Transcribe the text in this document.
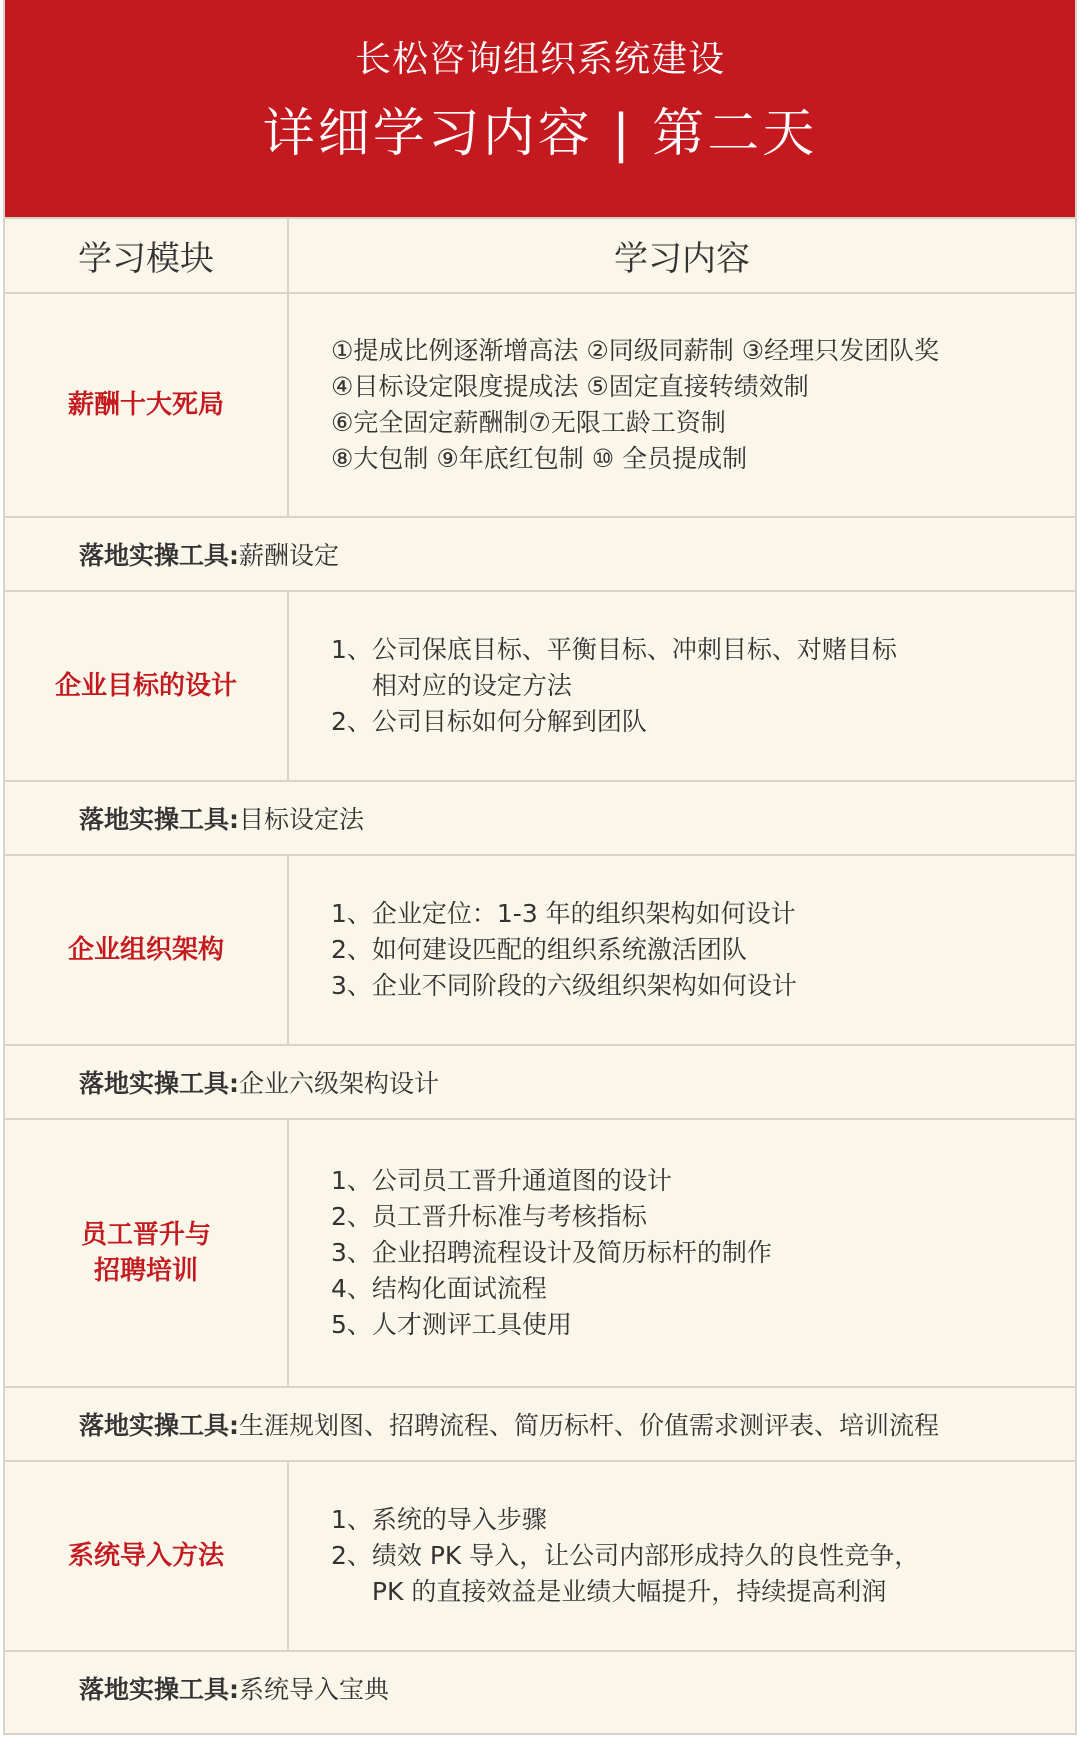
长松咨询组织系统建设
详细学习内容 | 第二天
学习模块	学习内容
薪酬十大死局
①提成比例逐渐增高法 ②同级同薪制 ③经理只发团队奖
④目标设定限度提成法 ⑤固定直接转绩效制
⑥完全固定薪酬制⑦无限工龄工资制
⑧大包制 ⑨年底红包制 ⑩ 全员提成制
落地实操工具: 薪酬设定
企业目标的设计
1、 公司保底目标、平衡目标、冲刺目标、对赌目标
相对应的设定方法
2、 公司目标如何分解到团队
落地实操工具: 目标设定法
企业组织架构
1、 企业定位：1-3 年的组织架构如何设计
2、 如何建设匹配的组织系统激活团队
3、 企业不同阶段的六级组织架构如何设计
落地实操工具: 企业六级架构设计
员工晋升与
招聘培训
1、 公司员工晋升通道图的设计
2、 员工晋升标准与考核指标
3、 企业招聘流程设计及简历标杆的制作
4、 结构化面试流程
5、 人才测评工具使用
落地实操工具: 生涯规划图、招聘流程、简历标杆、价值需求测评表、培训流程
系统导入方法
1、 系统的导入步骤
2、 绩效 PK 导入，让公司内部形成持久的良性竞争，
PK 的直接效益是业绩大幅提升，持续提高利润
落地实操工具: 系统导入宝典
